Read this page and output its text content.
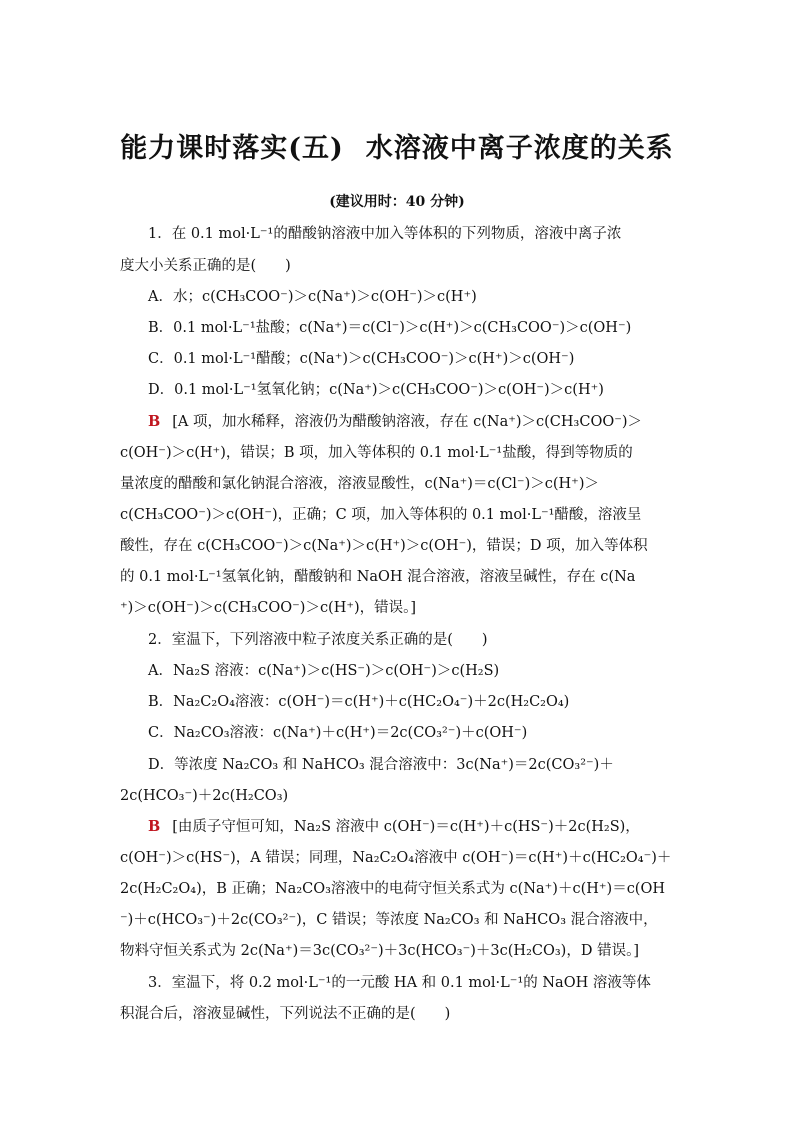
能力课时落实(五) 水溶液中离子浓度的关系
(建议用时：40 分钟)
1．在 0.1 mol·L⁻¹的醋酸钠溶液中加入等体积的下列物质，溶液中离子浓
度大小关系正确的是(　　)
A．水；c(CH₃COO⁻)＞c(Na⁺)＞c(OH⁻)＞c(H⁺)
B．0.1 mol·L⁻¹盐酸；c(Na⁺)＝c(Cl⁻)＞c(H⁺)＞c(CH₃COO⁻)＞c(OH⁻)
C．0.1 mol·L⁻¹醋酸；c(Na⁺)＞c(CH₃COO⁻)＞c(H⁺)＞c(OH⁻)
D．0.1 mol·L⁻¹氢氧化钠；c(Na⁺)＞c(CH₃COO⁻)＞c(OH⁻)＞c(H⁺)
B [A 项，加水稀释，溶液仍为醋酸钠溶液，存在 c(Na⁺)＞c(CH₃COO⁻)＞
c(OH⁻)＞c(H⁺)，错误；B 项，加入等体积的 0.1 mol·L⁻¹盐酸，得到等物质的
量浓度的醋酸和氯化钠混合溶液，溶液显酸性，c(Na⁺)＝c(Cl⁻)＞c(H⁺)＞
c(CH₃COO⁻)＞c(OH⁻)，正确；C 项，加入等体积的 0.1 mol·L⁻¹醋酸，溶液呈
酸性，存在 c(CH₃COO⁻)＞c(Na⁺)＞c(H⁺)＞c(OH⁻)，错误；D 项，加入等体积
的 0.1 mol·L⁻¹氢氧化钠，醋酸钠和 NaOH 混合溶液，溶液呈碱性，存在 c(Na
⁺)＞c(OH⁻)＞c(CH₃COO⁻)＞c(H⁺)，错误。]
2．室温下，下列溶液中粒子浓度关系正确的是(　　)
A．Na₂S 溶液：c(Na⁺)＞c(HS⁻)＞c(OH⁻)＞c(H₂S)
B．Na₂C₂O₄溶液：c(OH⁻)＝c(H⁺)＋c(HC₂O₄⁻)＋2c(H₂C₂O₄)
C．Na₂CO₃溶液：c(Na⁺)＋c(H⁺)＝2c(CO₃²⁻)＋c(OH⁻)
D．等浓度 Na₂CO₃ 和 NaHCO₃ 混合溶液中：3c(Na⁺)＝2c(CO₃²⁻)＋
2c(HCO₃⁻)＋2c(H₂CO₃)
B [由质子守恒可知，Na₂S 溶液中 c(OH⁻)＝c(H⁺)＋c(HS⁻)＋2c(H₂S)，
c(OH⁻)＞c(HS⁻)，A 错误；同理，Na₂C₂O₄溶液中 c(OH⁻)＝c(H⁺)＋c(HC₂O₄⁻)＋
2c(H₂C₂O₄)，B 正确；Na₂CO₃溶液中的电荷守恒关系式为 c(Na⁺)＋c(H⁺)＝c(OH
⁻)＋c(HCO₃⁻)＋2c(CO₃²⁻)，C 错误；等浓度 Na₂CO₃ 和 NaHCO₃ 混合溶液中，
物料守恒关系式为 2c(Na⁺)＝3c(CO₃²⁻)＋3c(HCO₃⁻)＋3c(H₂CO₃)，D 错误。]
3．室温下，将 0.2 mol·L⁻¹的一元酸 HA 和 0.1 mol·L⁻¹的 NaOH 溶液等体
积混合后，溶液显碱性，下列说法不正确的是(　　)
